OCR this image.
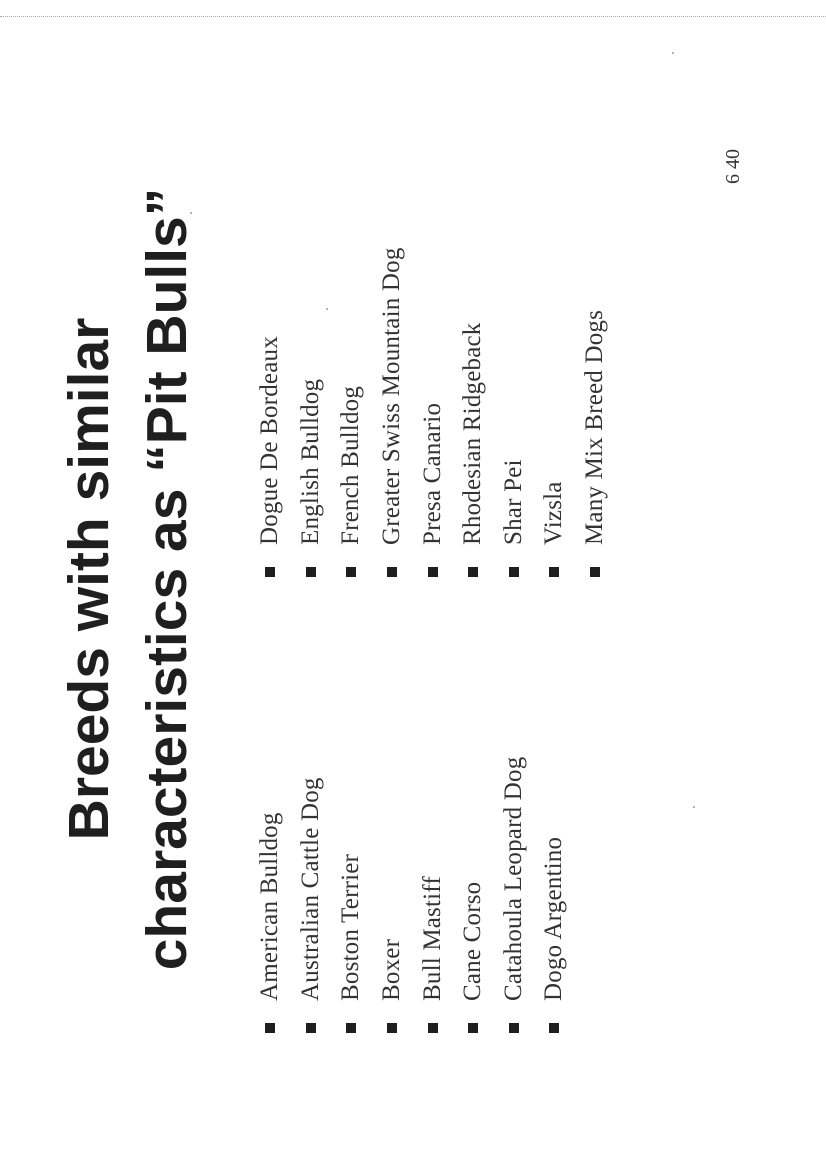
Breeds with similar characteristics as “Pit Bulls” American Bulldog Australian Cattle Dog Boston Terrier Boxer Bull Mastiff Cane Corso Catahoula Leopard Dog Dogo Argentino
Dogue De Bordeaux English Bulldog French Bulldog Greater Swiss Mountain Dog Presa Canario Rhodesian Ridgeback Shar Pei Vizsla Many Mix Breed Dogs
6 40
